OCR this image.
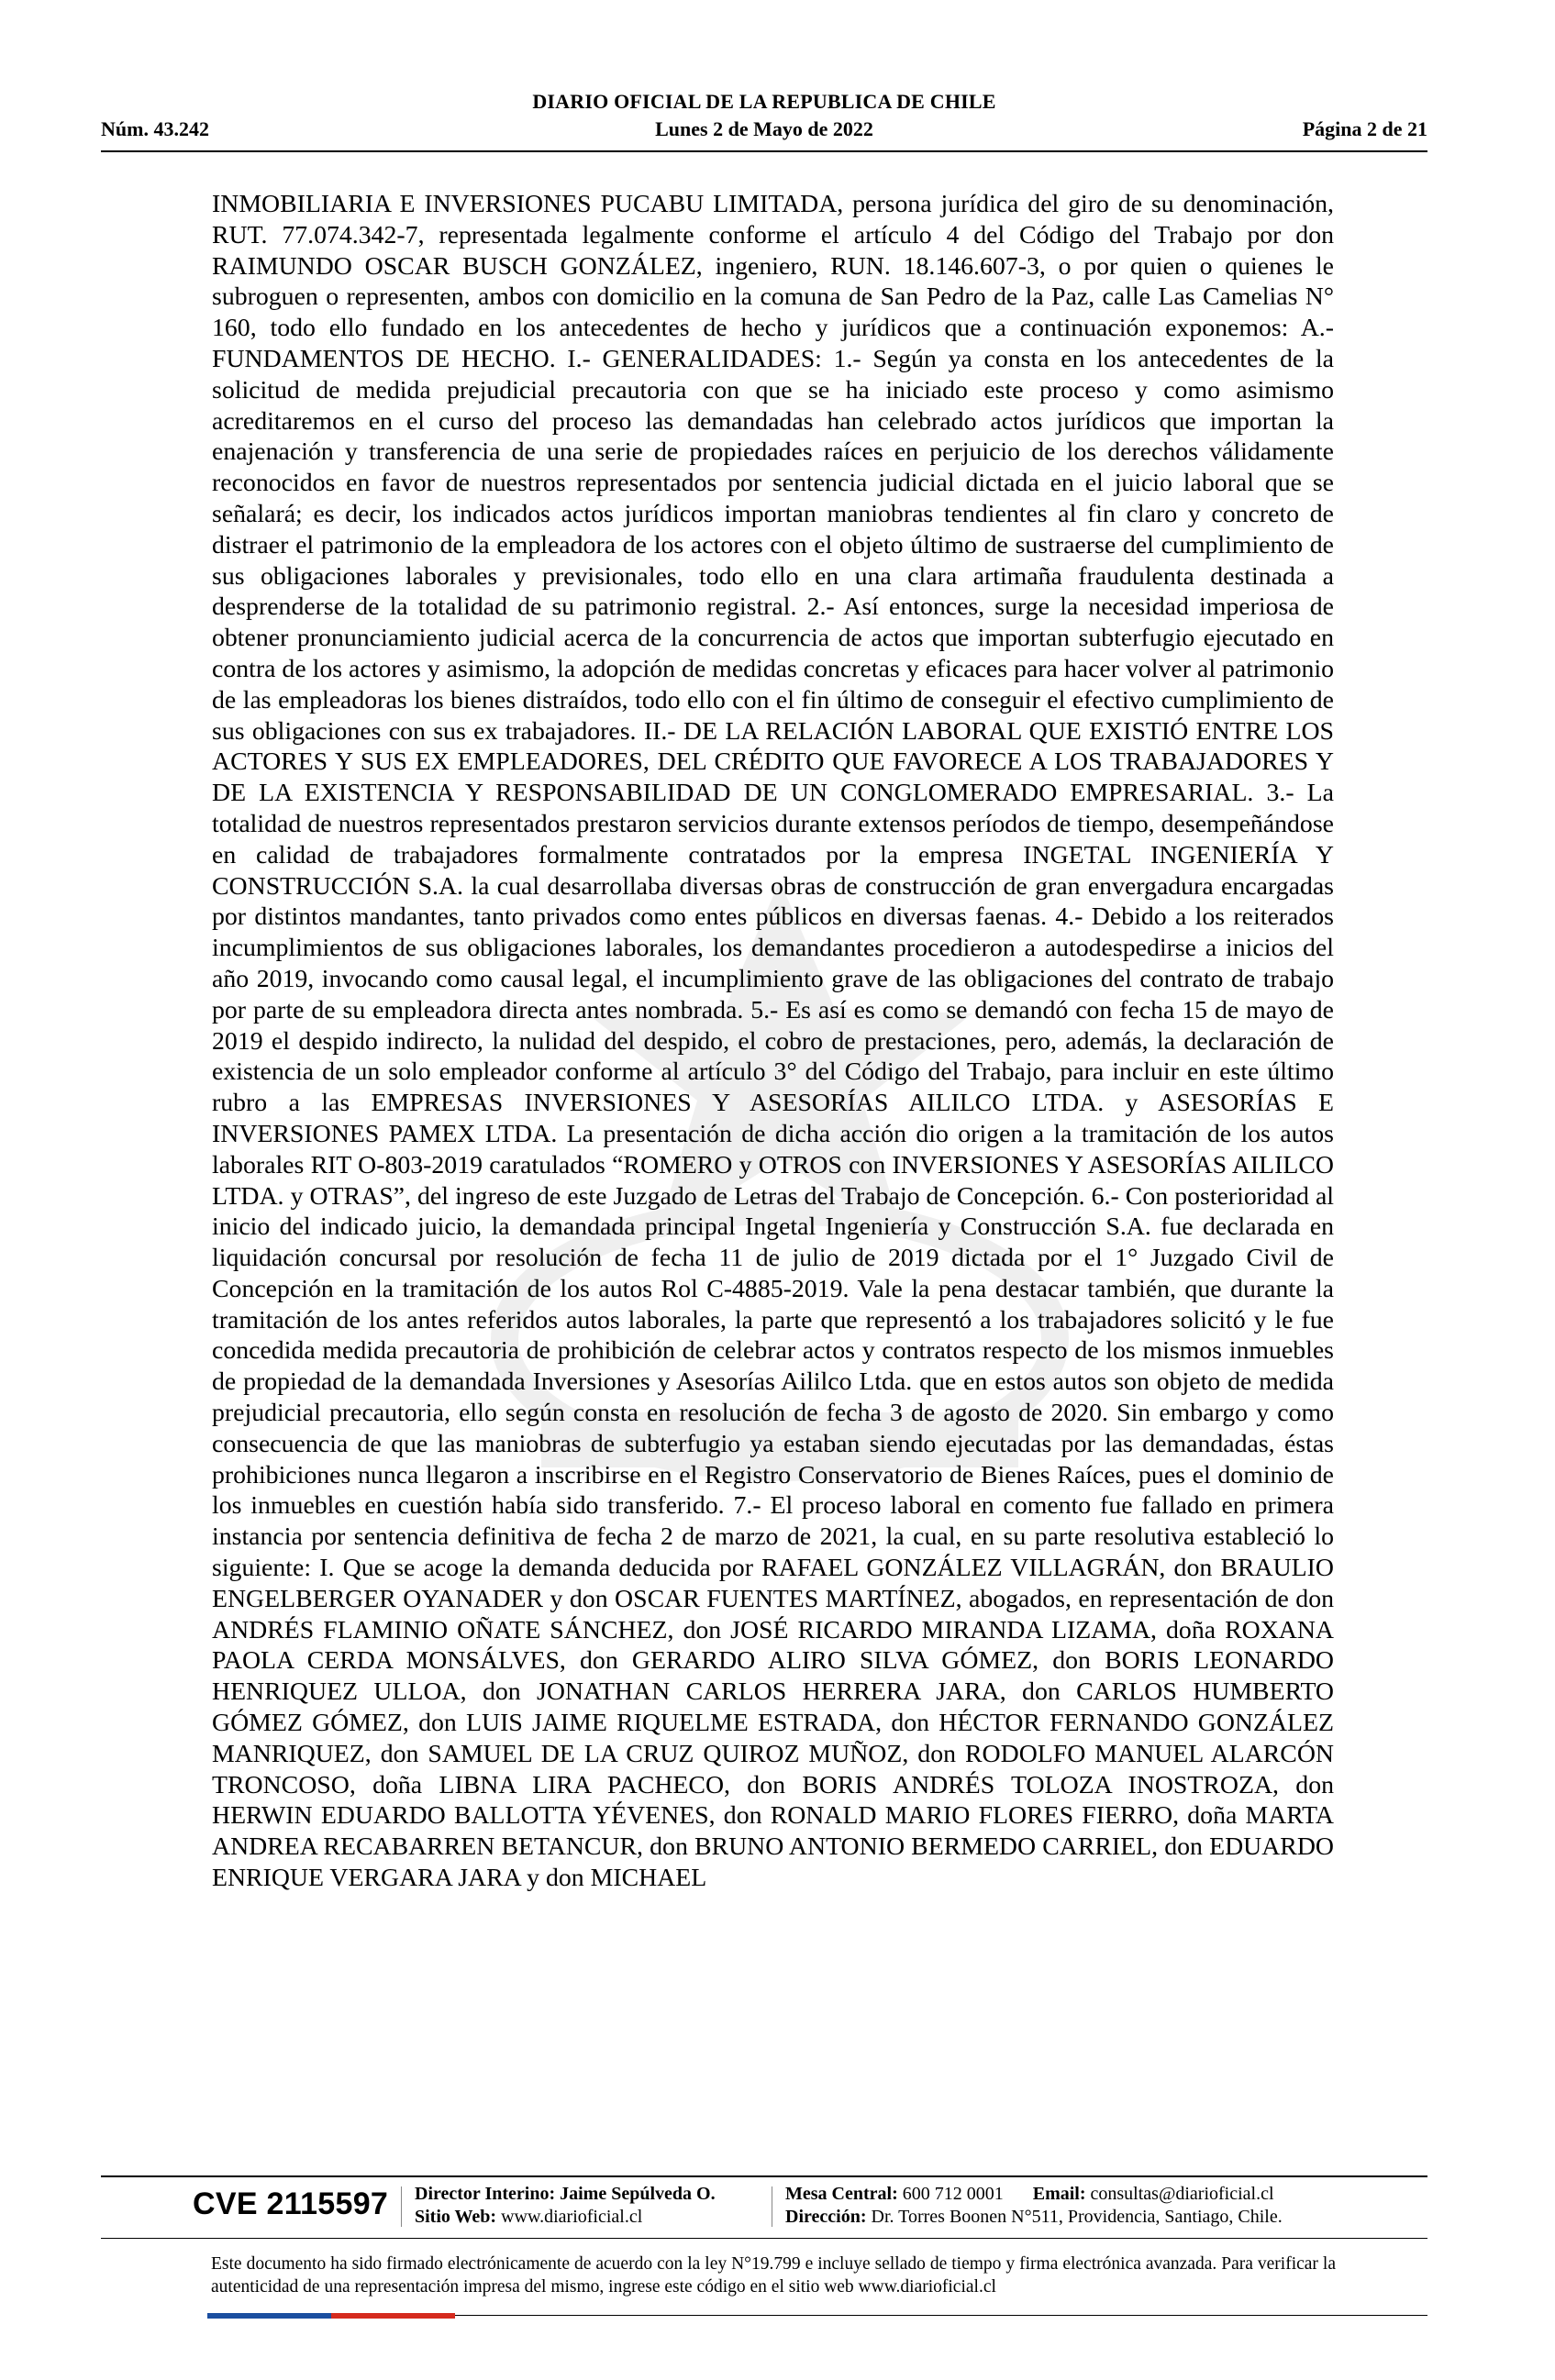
DIARIO OFICIAL DE LA REPUBLICA DE CHILE
Núm. 43.242	Lunes 2 de Mayo de 2022	Página 2 de 21
INMOBILIARIA E INVERSIONES PUCABU LIMITADA, persona jurídica del giro de su denominación, RUT. 77.074.342-7, representada legalmente conforme el artículo 4 del Código del Trabajo por don RAIMUNDO OSCAR BUSCH GONZÁLEZ, ingeniero, RUN. 18.146.607-3, o por quien o quienes le subroguen o representen, ambos con domicilio en la comuna de San Pedro de la Paz, calle Las Camelias N° 160, todo ello fundado en los antecedentes de hecho y jurídicos que a continuación exponemos: A.- FUNDAMENTOS DE HECHO. I.- GENERALIDADES: 1.- Según ya consta en los antecedentes de la solicitud de medida prejudicial precautoria con que se ha iniciado este proceso y como asimismo acreditaremos en el curso del proceso las demandadas han celebrado actos jurídicos que importan la enajenación y transferencia de una serie de propiedades raíces en perjuicio de los derechos válidamente reconocidos en favor de nuestros representados por sentencia judicial dictada en el juicio laboral que se señalará; es decir, los indicados actos jurídicos importan maniobras tendientes al fin claro y concreto de distraer el patrimonio de la empleadora de los actores con el objeto último de sustraerse del cumplimiento de sus obligaciones laborales y previsionales, todo ello en una clara artimaña fraudulenta destinada a desprenderse de la totalidad de su patrimonio registral. 2.- Así entonces, surge la necesidad imperiosa de obtener pronunciamiento judicial acerca de la concurrencia de actos que importan subterfugio ejecutado en contra de los actores y asimismo, la adopción de medidas concretas y eficaces para hacer volver al patrimonio de las empleadoras los bienes distraídos, todo ello con el fin último de conseguir el efectivo cumplimiento de sus obligaciones con sus ex trabajadores. II.- DE LA RELACIÓN LABORAL QUE EXISTIÓ ENTRE LOS ACTORES Y SUS EX EMPLEADORES, DEL CRÉDITO QUE FAVORECE A LOS TRABAJADORES Y DE LA EXISTENCIA Y RESPONSABILIDAD DE UN CONGLOMERADO EMPRESARIAL. 3.- La totalidad de nuestros representados prestaron servicios durante extensos períodos de tiempo, desempeñándose en calidad de trabajadores formalmente contratados por la empresa INGETAL INGENIERÍA Y CONSTRUCCIÓN S.A. la cual desarrollaba diversas obras de construcción de gran envergadura encargadas por distintos mandantes, tanto privados como entes públicos en diversas faenas. 4.- Debido a los reiterados incumplimientos de sus obligaciones laborales, los demandantes procedieron a autodespedirse a inicios del año 2019, invocando como causal legal, el incumplimiento grave de las obligaciones del contrato de trabajo por parte de su empleadora directa antes nombrada. 5.- Es así es como se demandó con fecha 15 de mayo de 2019 el despido indirecto, la nulidad del despido, el cobro de prestaciones, pero, además, la declaración de existencia de un solo empleador conforme al artículo 3° del Código del Trabajo, para incluir en este último rubro a las EMPRESAS INVERSIONES Y ASESORÍAS AILILCO LTDA. y ASESORÍAS E INVERSIONES PAMEX LTDA. La presentación de dicha acción dio origen a la tramitación de los autos laborales RIT O-803-2019 caratulados “ROMERO y OTROS con INVERSIONES Y ASESORÍAS AILILCO LTDA. y OTRAS”, del ingreso de este Juzgado de Letras del Trabajo de Concepción. 6.- Con posterioridad al inicio del indicado juicio, la demandada principal Ingetal Ingeniería y Construcción S.A. fue declarada en liquidación concursal por resolución de fecha 11 de julio de 2019 dictada por el 1° Juzgado Civil de Concepción en la tramitación de los autos Rol C-4885-2019. Vale la pena destacar también, que durante la tramitación de los antes referidos autos laborales, la parte que representó a los trabajadores solicitó y le fue concedida medida precautoria de prohibición de celebrar actos y contratos respecto de los mismos inmuebles de propiedad de la demandada Inversiones y Asesorías Aililco Ltda. que en estos autos son objeto de medida prejudicial precautoria, ello según consta en resolución de fecha 3 de agosto de 2020. Sin embargo y como consecuencia de que las maniobras de subterfugio ya estaban siendo ejecutadas por las demandadas, éstas prohibiciones nunca llegaron a inscribirse en el Registro Conservatorio de Bienes Raíces, pues el dominio de los inmuebles en cuestión había sido transferido. 7.- El proceso laboral en comento fue fallado en primera instancia por sentencia definitiva de fecha 2 de marzo de 2021, la cual, en su parte resolutiva estableció lo siguiente: I. Que se acoge la demanda deducida por RAFAEL GONZÁLEZ VILLAGRÁN, don BRAULIO ENGELBERGER OYANADER y don OSCAR FUENTES MARTÍNEZ, abogados, en representación de don ANDRÉS FLAMINIO OÑATE SÁNCHEZ, don JOSÉ RICARDO MIRANDA LIZAMA, doña ROXANA PAOLA CERDA MONSÁLVES, don GERARDO ALIRO SILVA GÓMEZ, don BORIS LEONARDO HENRIQUEZ ULLOA, don JONATHAN CARLOS HERRERA JARA, don CARLOS HUMBERTO GÓMEZ GÓMEZ, don LUIS JAIME RIQUELME ESTRADA, don HÉCTOR FERNANDO GONZÁLEZ MANRIQUEZ, don SAMUEL DE LA CRUZ QUIROZ MUÑOZ, don RODOLFO MANUEL ALARCÓN TRONCOSO, doña LIBNA LIRA PACHECO, don BORIS ANDRÉS TOLOZA INOSTROZA, don HERWIN EDUARDO BALLOTTA YÉVENES, don RONALD MARIO FLORES FIERRO, doña MARTA ANDREA RECABARREN BETANCUR, don BRUNO ANTONIO BERMEDO CARRIEL, don EDUARDO ENRIQUE VERGARA JARA y don MICHAEL
CVE 2115597 Director Interino: Jaime Sepúlveda O.
Sitio Web: www.diarioficial.cl
Mesa Central: 600 712 0001 Email: consultas@diarioficial.cl
Dirección: Dr. Torres Boonen N°511, Providencia, Santiago, Chile.
Este documento ha sido firmado electrónicamente de acuerdo con la ley N°19.799 e incluye sellado de tiempo y firma electrónica avanzada. Para verificar la autenticidad de una representación impresa del mismo, ingrese este código en el sitio web www.diarioficial.cl
